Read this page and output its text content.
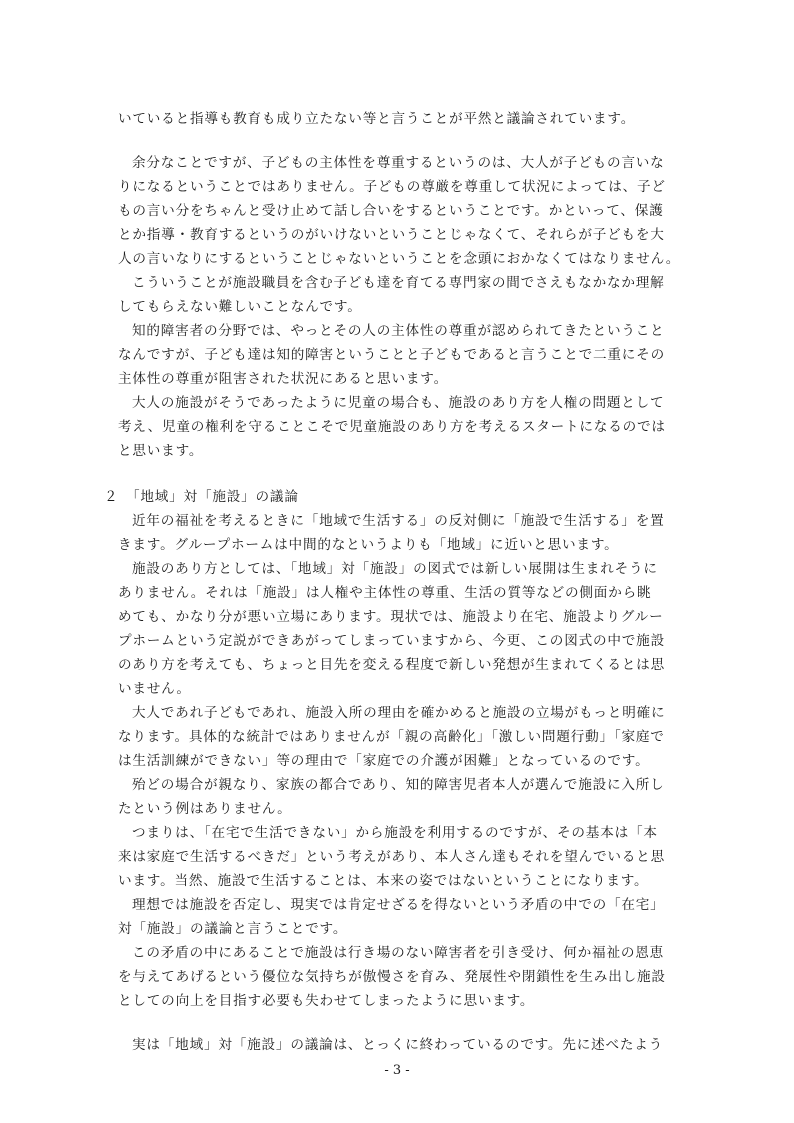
いていると指導も教育も成り立たない等と言うことが平然と議論されています。
余分なことですが、子どもの主体性を尊重するというのは、大人が子どもの言いな
りになるということではありません。子どもの尊厳を尊重して状況によっては、子ど
もの言い分をちゃんと受け止めて話し合いをするということです。かといって、保護
とか指導・教育するというのがいけないということじゃなくて、それらが子どもを大
人の言いなりにするということじゃないということを念頭におかなくてはなりません。
こういうことが施設職員を含む子ども達を育てる専門家の間でさえもなかなか理解
してもらえない難しいことなんです。
知的障害者の分野では、やっとその人の主体性の尊重が認められてきたということ
なんですが、子ども達は知的障害ということと子どもであると言うことで二重にその
主体性の尊重が阻害された状況にあると思います。
大人の施設がそうであったように児童の場合も、施設のあり方を人権の問題として
考え、児童の権利を守ることこそで児童施設のあり方を考えるスタートになるのでは
と思います。
２　「地域」対「施設」の議論
近年の福祉を考えるときに「地域で生活する」の反対側に「施設で生活する」を置
きます。グループホームは中間的なというよりも「地域」に近いと思います。
施設のあり方としては、「地域」対「施設」の図式では新しい展開は生まれそうに
ありません。それは「施設」は人権や主体性の尊重、生活の質等などの側面から眺
めても、かなり分が悪い立場にあります。現状では、施設より在宅、施設よりグルー
プホームという定説ができあがってしまっていますから、今更、この図式の中で施設
のあり方を考えても、ちょっと目先を変える程度で新しい発想が生まれてくるとは思
いません。
大人であれ子どもであれ、施設入所の理由を確かめると施設の立場がもっと明確に
なります。具体的な統計ではありませんが「親の高齢化」「激しい問題行動」「家庭で
は生活訓練ができない」等の理由で「家庭での介護が困難」となっているのです。
殆どの場合が親なり、家族の都合であり、知的障害児者本人が選んで施設に入所し
たという例はありません。
つまりは、「在宅で生活できない」から施設を利用するのですが、その基本は「本
来は家庭で生活するべきだ」という考えがあり、本人さん達もそれを望んでいると思
います。当然、施設で生活することは、本来の姿ではないということになります。
理想では施設を否定し、現実では肯定せざるを得ないという矛盾の中での「在宅」
対「施設」の議論と言うことです。
この矛盾の中にあることで施設は行き場のない障害者を引き受け、何か福祉の恩恵
を与えてあげるという優位な気持ちが傲慢さを育み、発展性や閉鎖性を生み出し施設
としての向上を目指す必要も失わせてしまったように思います。
実は「地域」対「施設」の議論は、とっくに終わっているのです。先に述べたよう
- 3 -
